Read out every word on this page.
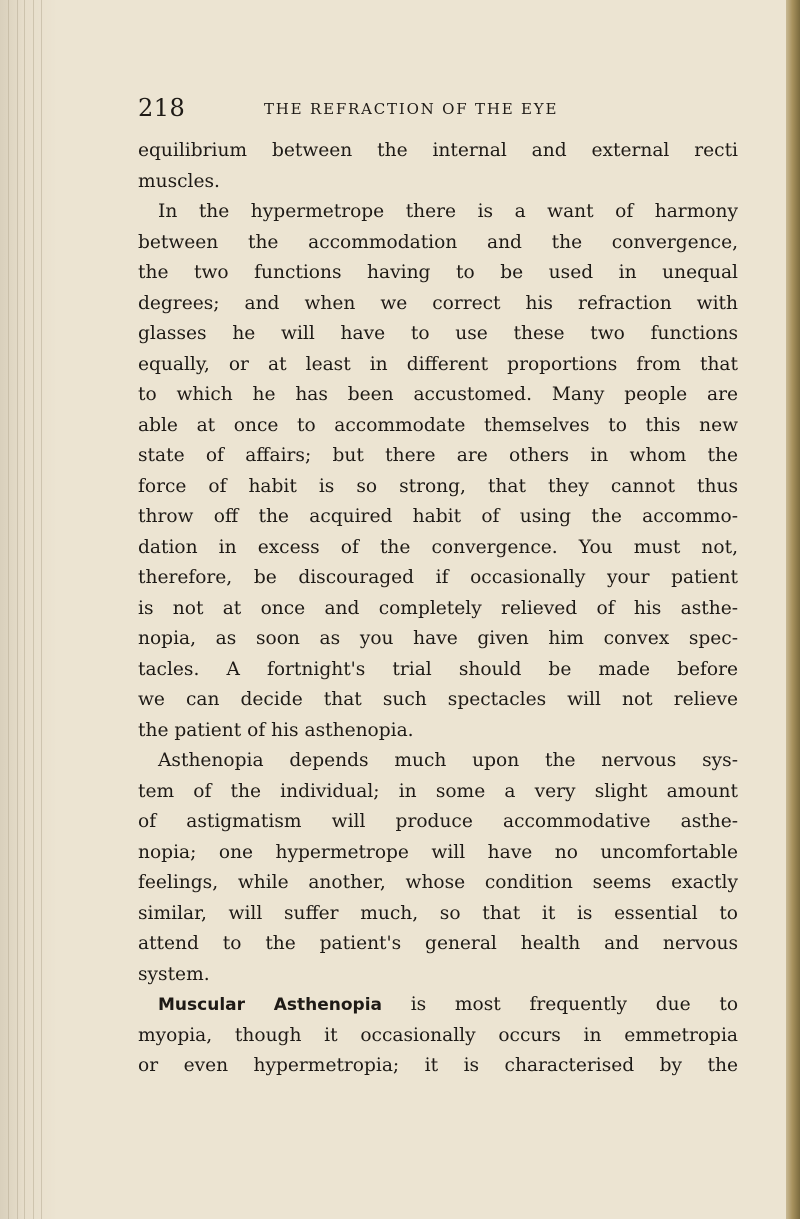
218	THE REFRACTION OF THE EYE
equilibrium between the internal and external recti
muscles.
In the hypermetrope there is a want of harmony
between the accommodation and the convergence,
the two functions having to be used in unequal
degrees; and when we correct his refraction with
glasses he will have to use these two functions
equally, or at least in different proportions from that
to which he has been accustomed. Many people are
able at once to accommodate themselves to this new
state of affairs; but there are others in whom the
force of habit is so strong, that they cannot thus
throw off the acquired habit of using the accommo-
dation in excess of the convergence. You must not,
therefore, be discouraged if occasionally your patient
is not at once and completely relieved of his asthe-
nopia, as soon as you have given him convex spec-
tacles. A fortnight's trial should be made before
we can decide that such spectacles will not relieve
the patient of his asthenopia.
Asthenopia depends much upon the nervous sys-
tem of the individual; in some a very slight amount
of astigmatism will produce accommodative asthe-
nopia; one hypermetrope will have no uncomfortable
feelings, while another, whose condition seems exactly
similar, will suffer much, so that it is essential to
attend to the patient's general health and nervous
system.
Muscular Asthenopia is most frequently due to
myopia, though it occasionally occurs in emmetropia
or even hypermetropia; it is characterised by the
